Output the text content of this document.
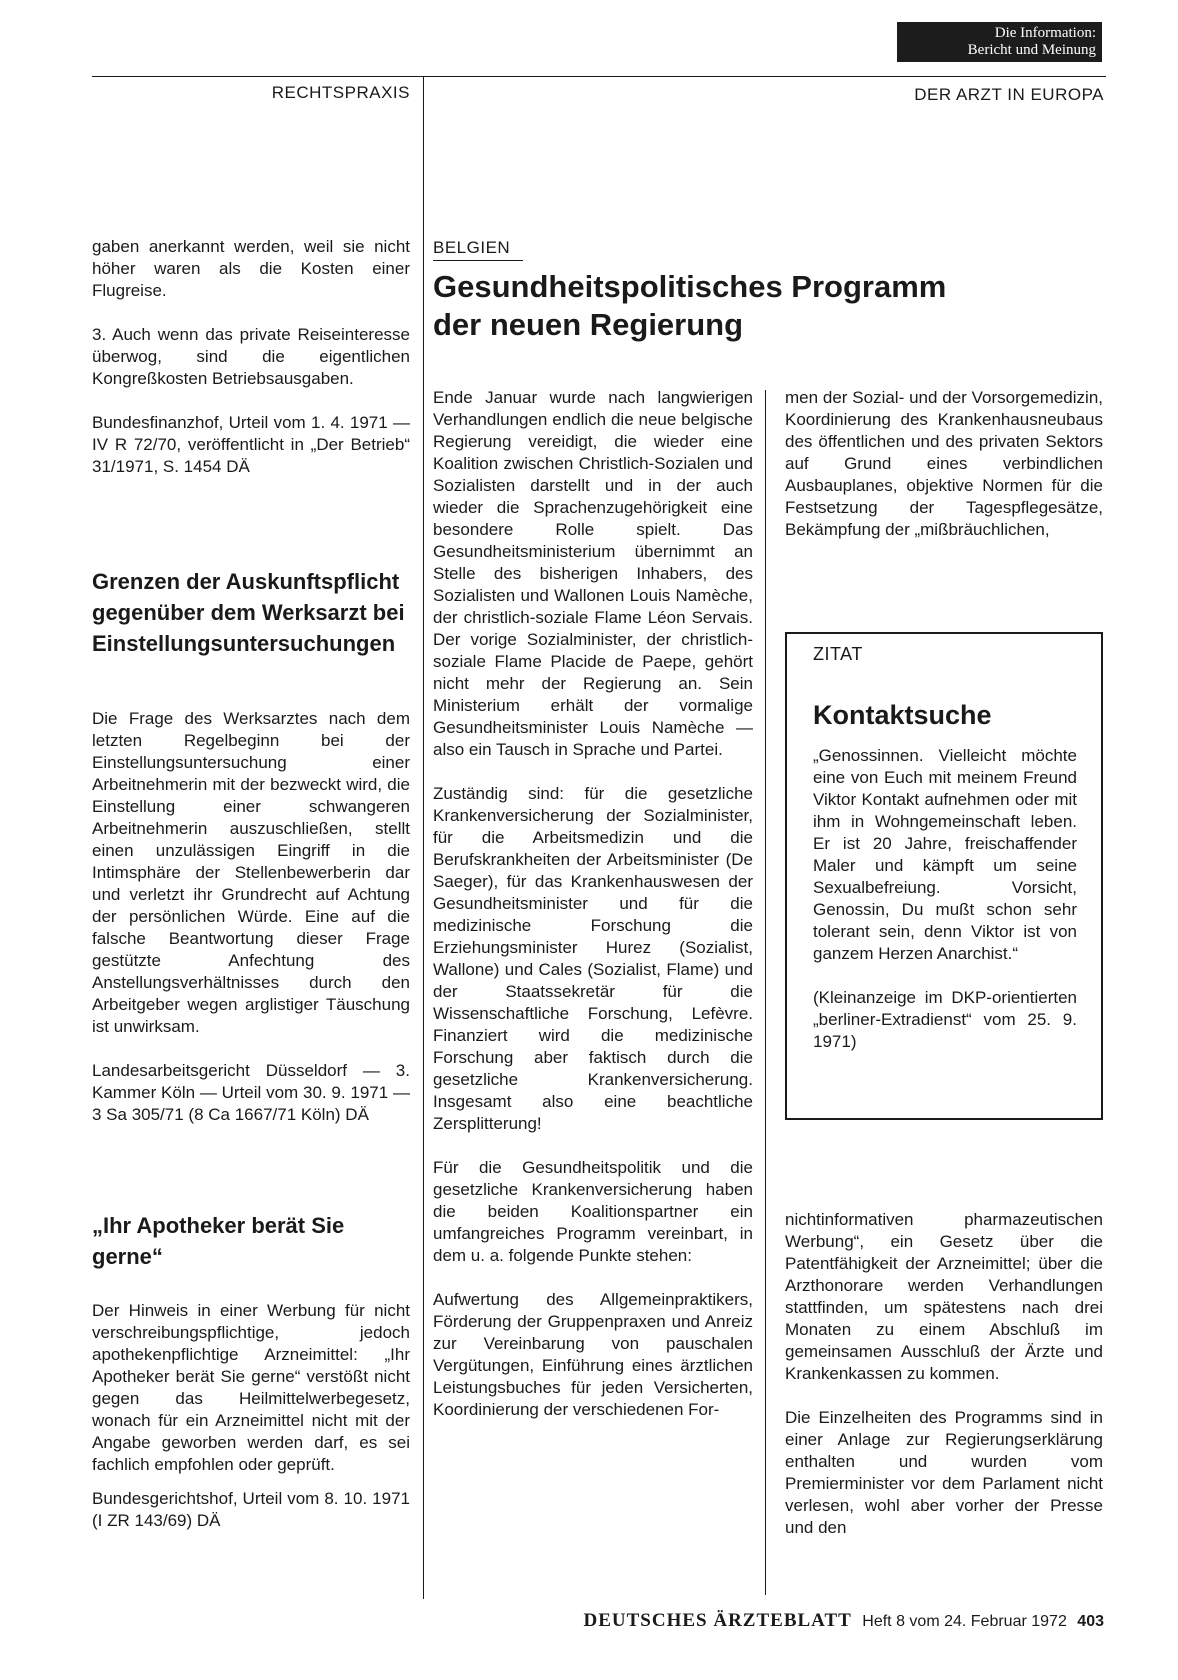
Die Information:
Bericht und Meinung
RECHTSPRAXIS	DER ARZT IN EUROPA

gaben anerkannt werden, weil sie nicht höher waren als die Kosten einer Flugreise.

3. Auch wenn das private Reiseinteresse überwog, sind die eigentlichen Kongreßkosten Betriebsausgaben.

Bundesfinanzhof, Urteil vom 1. 4. 1971 — IV R 72/70, veröffentlicht in „Der Betrieb“ 31/1971, S. 1454 DÄ

Grenzen der Auskunftspflicht gegenüber dem Werksarzt bei Einstellungsuntersuchungen

Die Frage des Werksarztes nach dem letzten Regelbeginn bei der Einstellungsuntersuchung einer Arbeitnehmerin mit der bezweckt wird, die Einstellung einer schwangeren Arbeitnehmerin auszuschließen, stellt einen unzulässigen Eingriff in die Intimsphäre der Stellenbewerberin dar und verletzt ihr Grundrecht auf Achtung der persönlichen Würde. Eine auf die falsche Beantwortung dieser Frage gestützte Anfechtung des Anstellungsverhältnisses durch den Arbeitgeber wegen arglistiger Täuschung ist unwirksam.

Landesarbeitsgericht Düsseldorf — 3. Kammer Köln — Urteil vom 30. 9. 1971 — 3 Sa 305/71 (8 Ca 1667/71 Köln) DÄ

„Ihr Apotheker berät Sie gerne“

Der Hinweis in einer Werbung für nicht verschreibungspflichtige, jedoch apothekenpflichtige Arzneimittel: „Ihr Apotheker berät Sie gerne“ verstößt nicht gegen das Heilmittelwerbegesetz, wonach für ein Arzneimittel nicht mit der Angabe geworben werden darf, es sei fachlich empfohlen oder geprüft.

Bundesgerichtshof, Urteil vom 8. 10. 1971 (I ZR 143/69) DÄ

BELGIEN
Gesundheitspolitisches Programm
der neuen Regierung

Ende Januar wurde nach langwierigen Verhandlungen endlich die neue belgische Regierung vereidigt, die wieder eine Koalition zwischen Christlich-Sozialen und Sozialisten darstellt und in der auch wieder die Sprachenzugehörigkeit eine besondere Rolle spielt. Das Gesundheitsministerium übernimmt an Stelle des bisherigen Inhabers, des Sozialisten und Wallonen Louis Namèche, der christlich-soziale Flame Léon Servais. Der vorige Sozialminister, der christlich-soziale Flame Placide de Paepe, gehört nicht mehr der Regierung an. Sein Ministerium erhält der vormalige Gesundheitsminister Louis Namèche — also ein Tausch in Sprache und Partei.

Zuständig sind: für die gesetzliche Krankenversicherung der Sozialminister, für die Arbeitsmedizin und die Berufskrankheiten der Arbeitsminister (De Saeger), für das Krankenhauswesen der Gesundheitsminister und für die medizinische Forschung die Erziehungsminister Hurez (Sozialist, Wallone) und Cales (Sozialist, Flame) und der Staatssekretär für die Wissenschaftliche Forschung, Lefèvre. Finanziert wird die medizinische Forschung aber faktisch durch die gesetzliche Krankenversicherung. Insgesamt also eine beachtliche Zersplitterung!

Für die Gesundheitspolitik und die gesetzliche Krankenversicherung haben die beiden Koalitionspartner ein umfangreiches Programm vereinbart, in dem u. a. folgende Punkte stehen:

Aufwertung des Allgemeinpraktikers, Förderung der Gruppenpraxen und Anreiz zur Vereinbarung von pauschalen Vergütungen, Einführung eines ärztlichen Leistungsbuches für jeden Versicherten, Koordinierung der verschiedenen For-

men der Sozial- und der Vorsorgemedizin, Koordinierung des Krankenhausneubaus des öffentlichen und des privaten Sektors auf Grund eines verbindlichen Ausbauplanes, objektive Normen für die Festsetzung der Tagespflegesätze, Bekämpfung der „mißbräuchlichen,

ZITAT
Kontaktsuche

„Genossinnen. Vielleicht möchte eine von Euch mit meinem Freund Viktor Kontakt aufnehmen oder mit ihm in Wohngemeinschaft leben. Er ist 20 Jahre, freischaffender Maler und kämpft um seine Sexualbefreiung. Vorsicht, Genossin, Du mußt schon sehr tolerant sein, denn Viktor ist von ganzem Herzen Anarchist.“

(Kleinanzeige im DKP-orientierten „berliner-Extradienst“ vom 25. 9. 1971)

nichtinformativen pharmazeutischen Werbung“, ein Gesetz über die Patentfähigkeit der Arzneimittel; über die Arzthonorare werden Verhandlungen stattfinden, um spätestens nach drei Monaten zu einem Abschluß im gemeinsamen Ausschluß der Ärzte und Krankenkassen zu kommen.

Die Einzelheiten des Programms sind in einer Anlage zur Regierungserklärung enthalten und wurden vom Premierminister vor dem Parlament nicht verlesen, wohl aber vorher der Presse und den

DEUTSCHES ÄRZTEBLATT Heft 8 vom 24. Februar 1972 403
